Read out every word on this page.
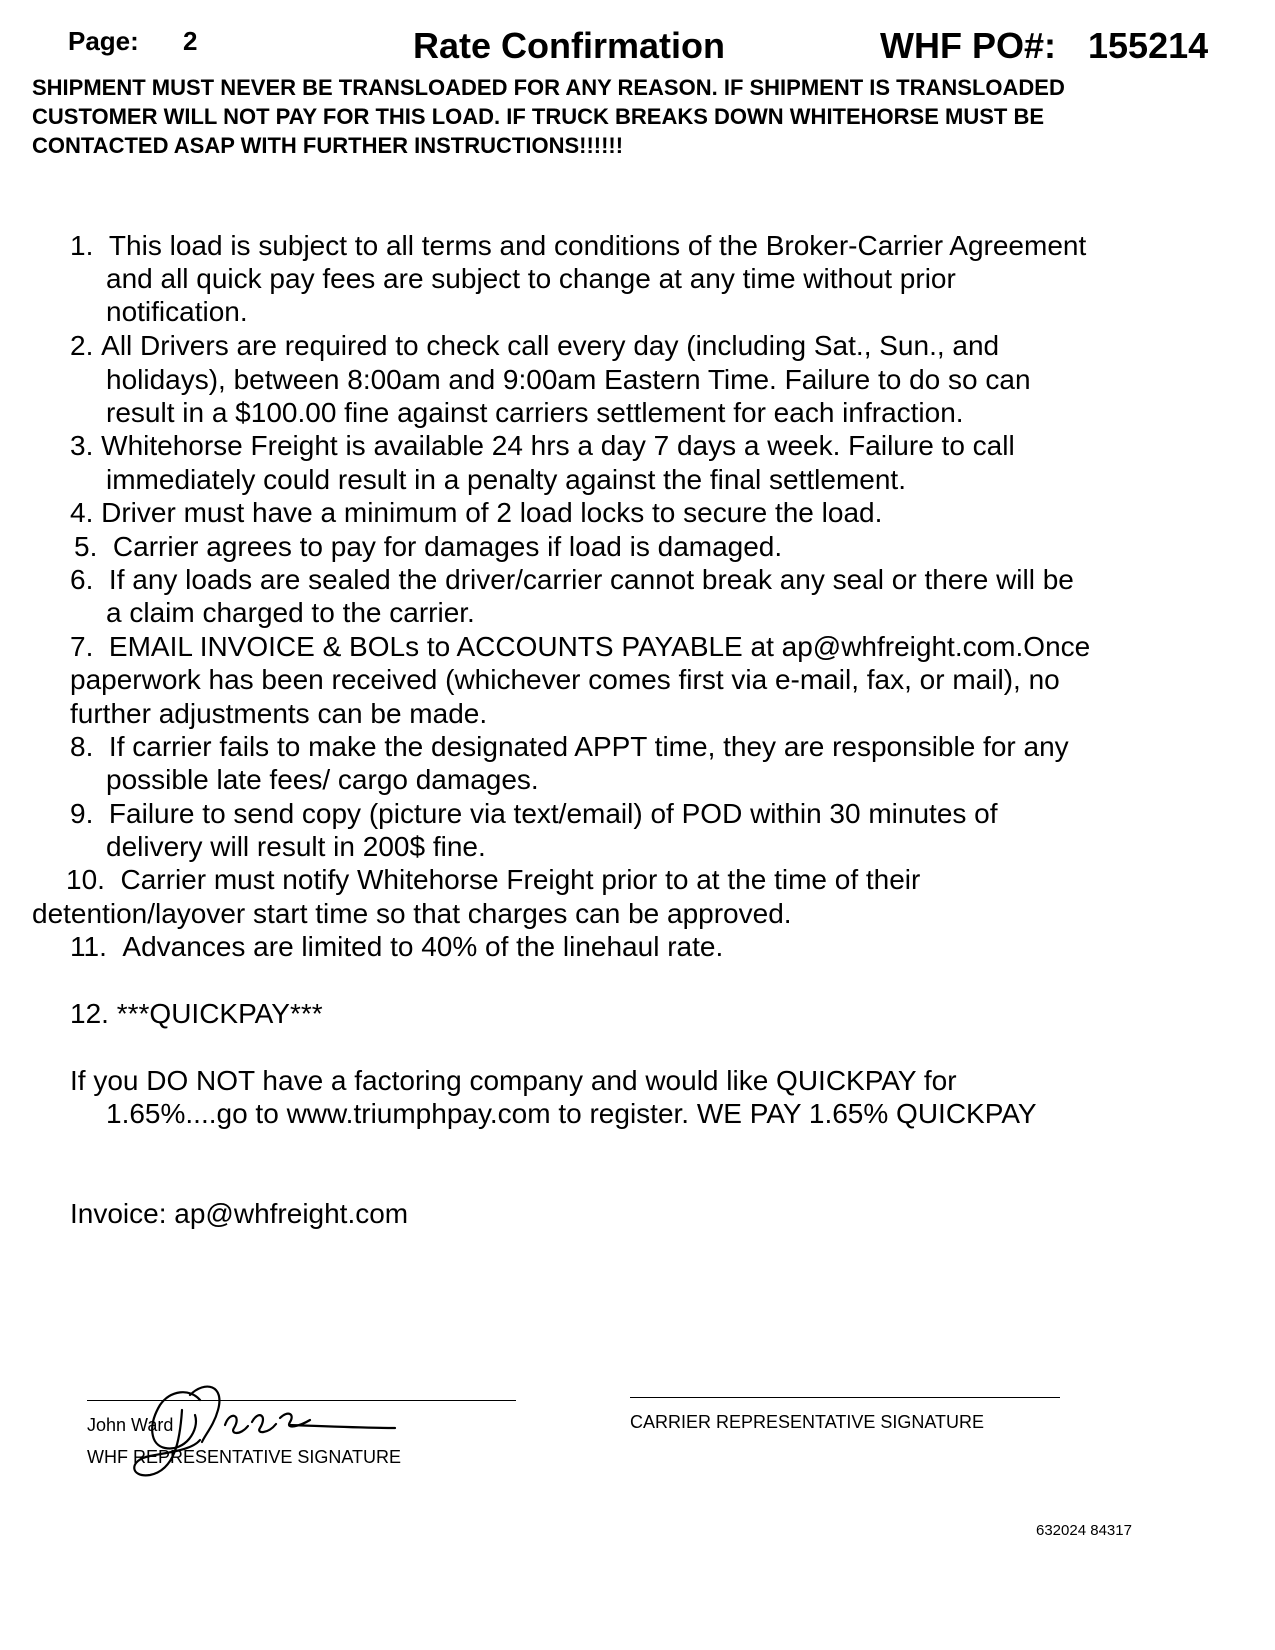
Page: 2	Rate Confirmation	WHF PO#: 155214
SHIPMENT MUST NEVER BE TRANSLOADED FOR ANY REASON. IF SHIPMENT IS TRANSLOADED
CUSTOMER WILL NOT PAY FOR THIS LOAD. IF TRUCK BREAKS DOWN WHITEHORSE MUST BE
CONTACTED ASAP WITH FURTHER INSTRUCTIONS!!!!!!
1. This load is subject to all terms and conditions of the Broker-Carrier Agreement
and all quick pay fees are subject to change at any time without prior
notification.
2. All Drivers are required to check call every day (including Sat., Sun., and
holidays), between 8:00am and 9:00am Eastern Time. Failure to do so can
result in a $100.00 fine against carriers settlement for each infraction.
3. Whitehorse Freight is available 24 hrs a day 7 days a week. Failure to call
immediately could result in a penalty against the final settlement.
4. Driver must have a minimum of 2 load locks to secure the load.
5. Carrier agrees to pay for damages if load is damaged.
6. If any loads are sealed the driver/carrier cannot break any seal or there will be
a claim charged to the carrier.
7. EMAIL INVOICE & BOLs to ACCOUNTS PAYABLE at ap@whfreight.com.Once
paperwork has been received (whichever comes first via e-mail, fax, or mail), no
further adjustments can be made.
8. If carrier fails to make the designated APPT time, they are responsible for any
possible late fees/ cargo damages.
9. Failure to send copy (picture via text/email) of POD within 30 minutes of
delivery will result in 200$ fine.
10. Carrier must notify Whitehorse Freight prior to at the time of their
detention/layover start time so that charges can be approved.
11. Advances are limited to 40% of the linehaul rate.
12. ***QUICKPAY***
If you DO NOT have a factoring company and would like QUICKPAY for
1.65%....go to www.triumphpay.com to register. WE PAY 1.65% QUICKPAY
Invoice: ap@whfreight.com
John Ward
WHF REPRESENTATIVE SIGNATURE
CARRIER REPRESENTATIVE SIGNATURE
632024 84317
